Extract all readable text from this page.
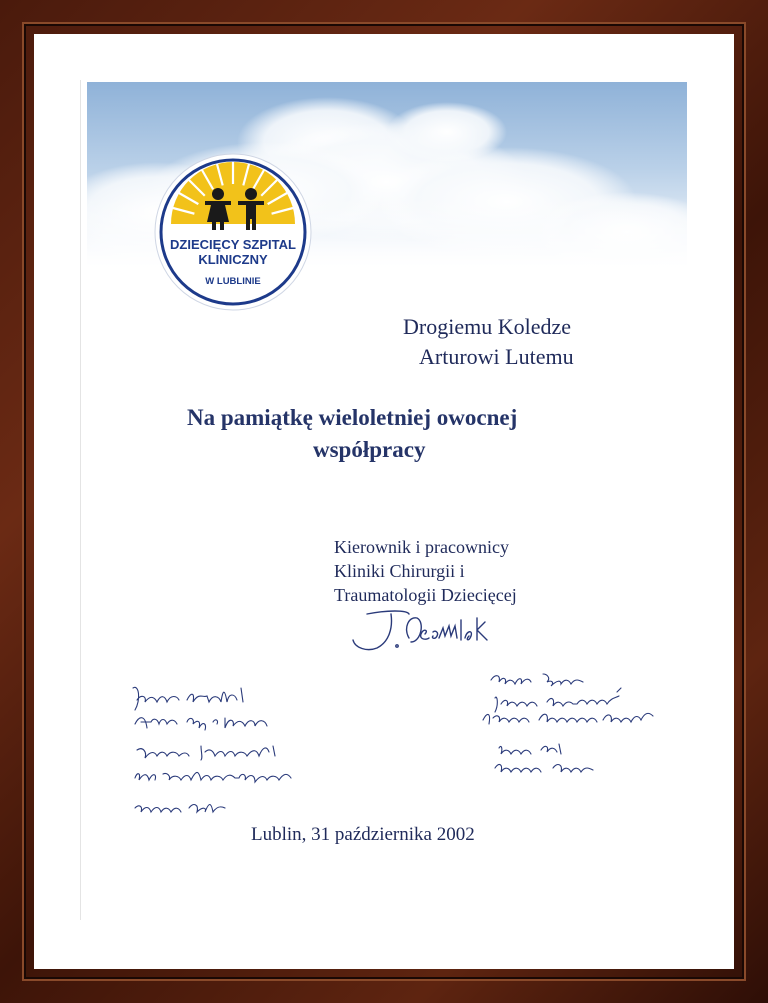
DZIECIĘCY SZPITAL
KLINICZNY
W LUBLINIE

Drogiemu Koledze

Arturowi Lutemu

Na pamiątkę wieloletniej owocnej

współpracy

Kierownik i pracownicy

Kliniki Chirurgii i

Traumatologii Dziecięcej

Lublin, 31 października 2002
